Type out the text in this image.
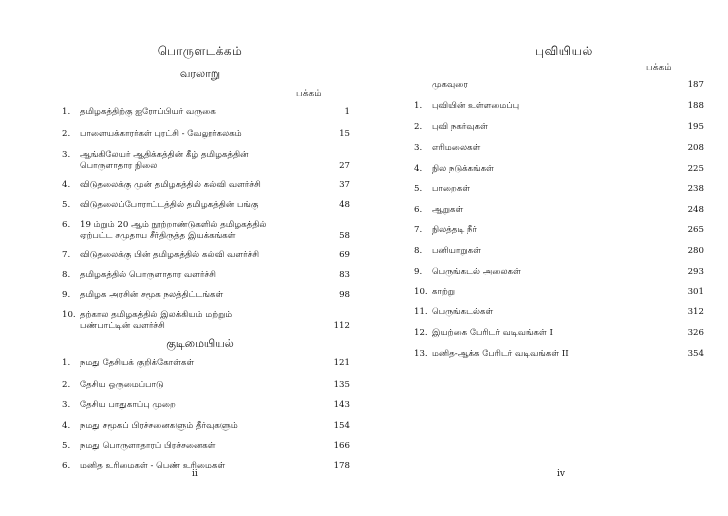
பொருளடக்கம்
வரலாறு
பக்கம்
1.	தமிழகத்திற்கு ஐரோப்பியர் வருகை	1
2.	பாளையக்காரர்கள் புரட்சி - வேலூர்கலகம்	15
3.	ஆங்கிலேயர் ஆதிக்கத்தின் கீழ் தமிழகத்தின்
பொருளாதார நிலை	27
4.	விடுதலைக்கு முன் தமிழகத்தில் கல்வி வளர்ச்சி	37
5.	விடுதலைப்போராட்டத்தில் தமிழகத்தின் பங்கு	48
6.	19 ம்றும் 20 ஆம் நூற்றாண்டுகளில் தமிழகத்தில்
ஏற்பட்ட சமுதாய சீர்திருத்த இயக்கங்கள்	58
7.	விடுதலைக்கு பின் தமிழகத்தில் கல்வி வளர்ச்சி	69
8.	தமிழகத்தில் பொருளாதார வளர்ச்சி	83
9.	தமிழக அரசின் சமூக நலத்திட்டங்கள்	98
10. தற்கால தமிழகத்தில் இலக்கியம் மற்றும்
பண்பாட்டின் வளர்ச்சி	112
குடிமையியல்
1.	நமது தேசியக் குறிக்கோள்கள்	121
2.	தேசிய ஒருமைப்பாடு	135
3.	தேசிய பாதுகாப்பு முறை	143
4.	நமது சமூகப் பிரச்சனைகளும் தீர்வுகளும்	154
5.	நமது பொருளாதாரப் பிரச்சனைகள்	166
6.	மனித உரிமைகள் - பெண் உரிமைகள்	178
ii
புவியியல்
பக்கம்
முகவுரை	187
1.	புவியின் உள்ளமைப்பு	188
2.	புவி நகர்வுகள்	195
3.	எரிமலைகள்	208
4.	நில நடுக்கங்கள்	225
5.	பாறைகள்	238
6.	ஆறுகள்	248
7.	நிலத்தடி நீர்	265
8.	பனியாறுகள்	280
9.	பெருங்கடல் அலைகள்	293
10. காற்று	301
11. பெருங்கடல்கள்	312
12. இயற்கை பேரிடர் வடிவங்கள் I	326
13. மனித-ஆக்க பேரிடர் வடிவங்கள் II	354
iv
